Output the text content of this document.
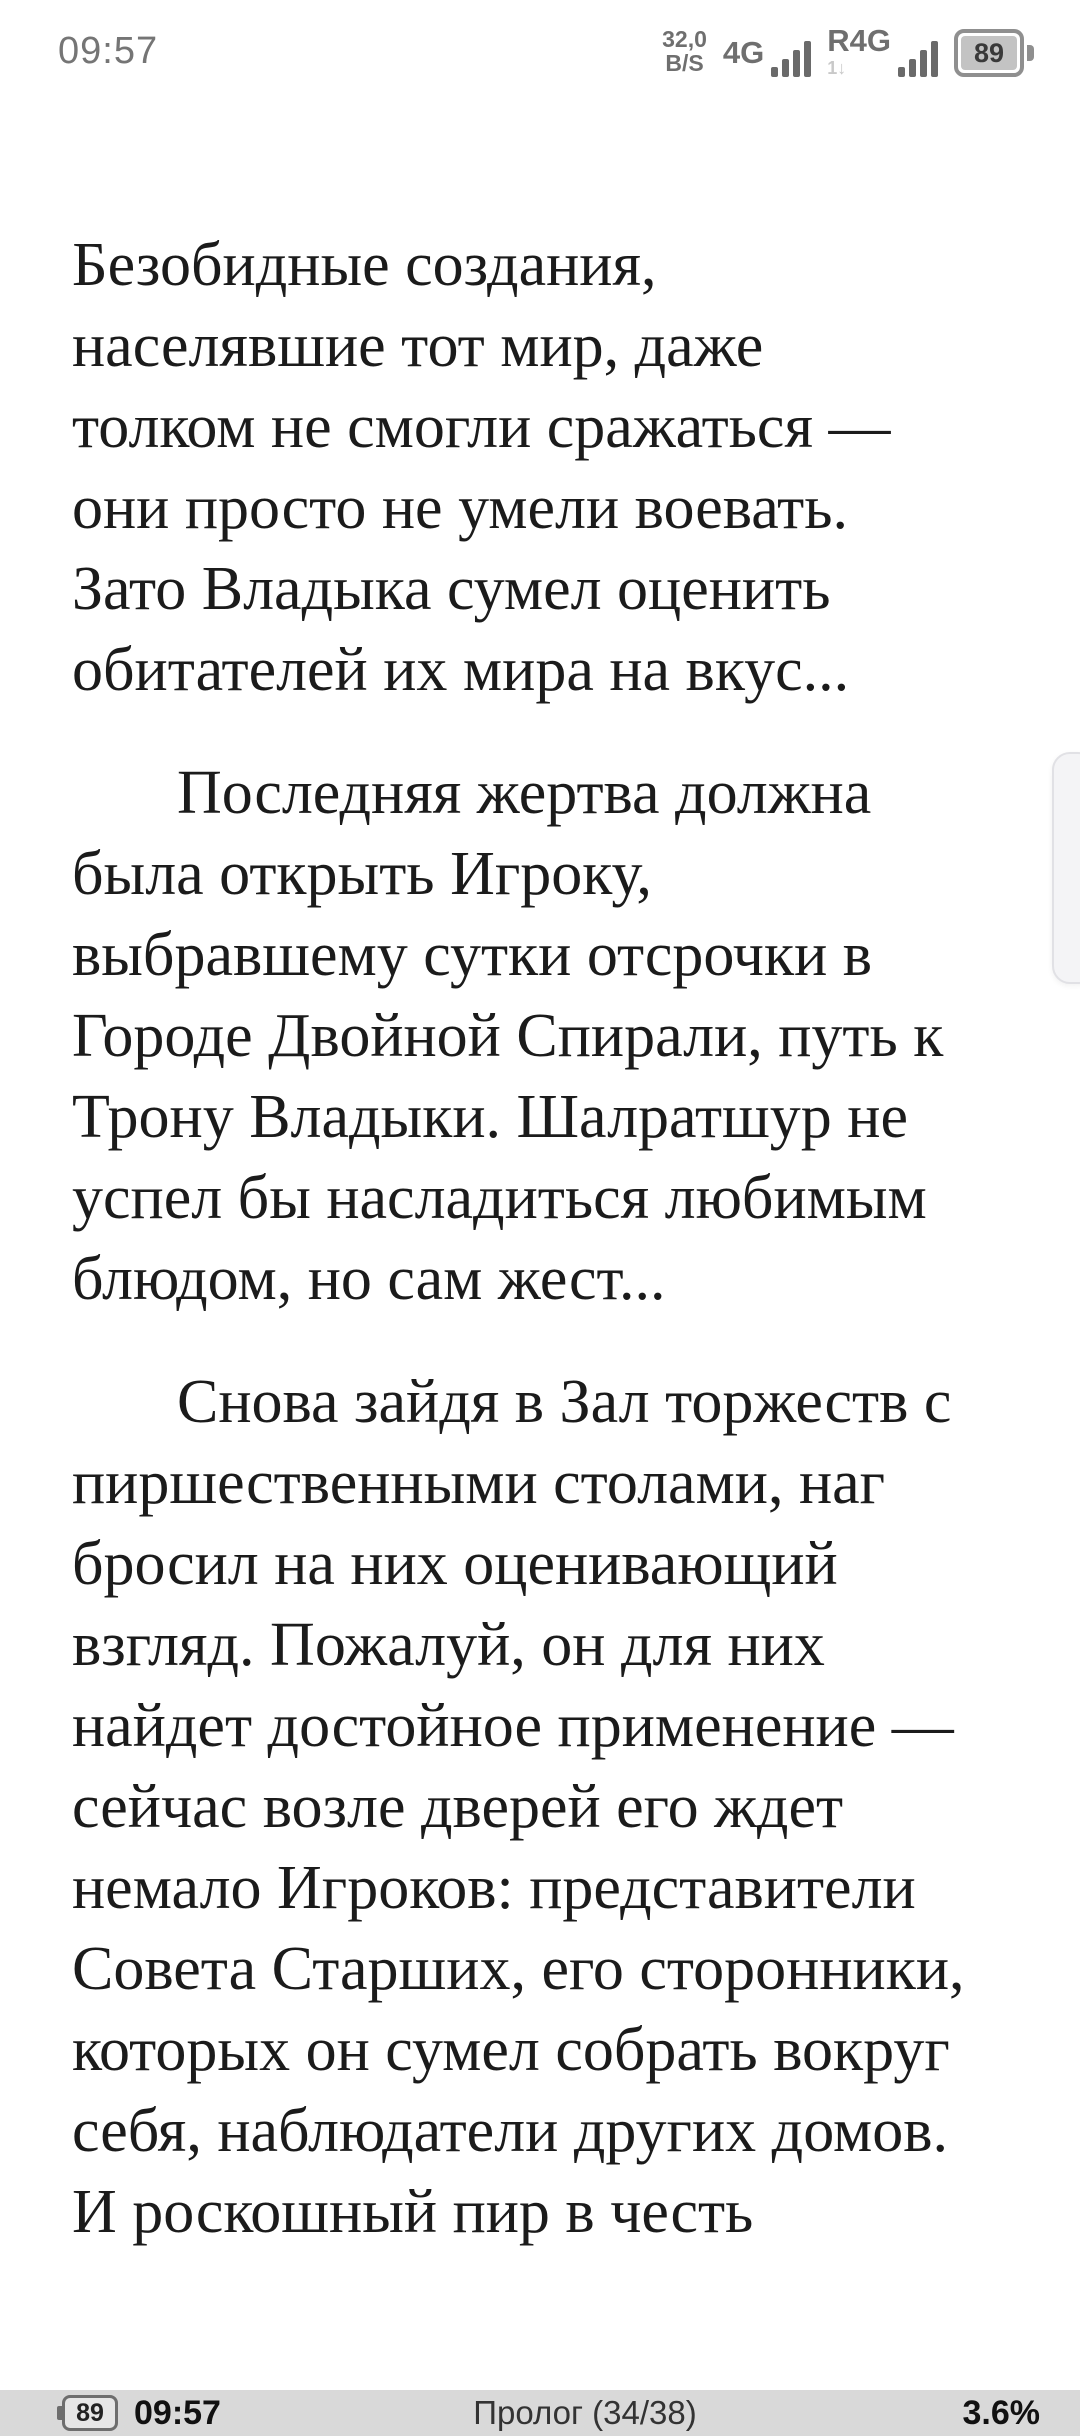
09:57	32,0
B/S 4G R4G
1↓
89
Безобидные создания,
населявшие тот мир, даже
толком не смогли сражаться —
они просто не умели воевать.
Зато Владыка сумел оценить
обитателей их мира на вкус...
Последняя жертва должна
была открыть Игроку,
выбравшему сутки отсрочки в
Городе Двойной Спирали, путь к
Трону Владыки. Шалратшур не
успел бы насладиться любимым
блюдом, но сам жест...
Снова зайдя в Зал торжеств с
пиршественными столами, наг
бросил на них оценивающий
взгляд. Пожалуй, он для них
найдет достойное применение —
сейчас возле дверей его ждет
немало Игроков: представители
Совета Старших, его сторонники,
которых он сумел собрать вокруг
себя, наблюдатели других домов.
И роскошный пир в честь
89 09:57	Пролог (34/38)	3.6%
